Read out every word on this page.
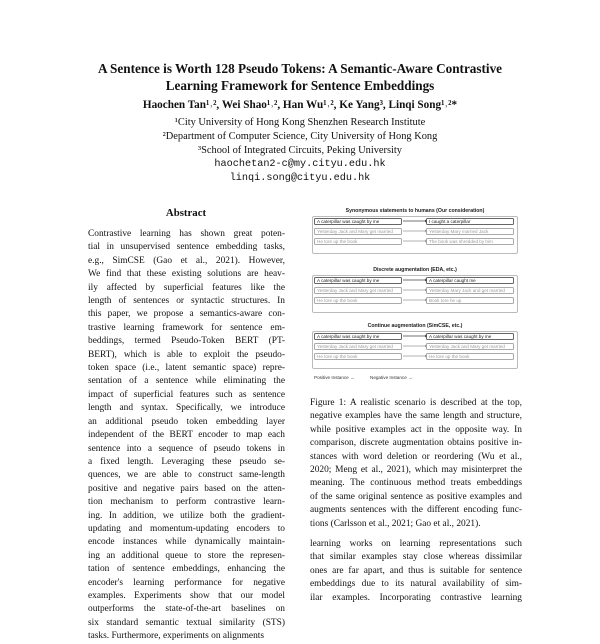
A Sentence is Worth 128 Pseudo Tokens: A Semantic-Aware Contrastive
Learning Framework for Sentence Embeddings
Haochen Tan¹˒², Wei Shao¹˒², Han Wu¹˒², Ke Yang³, Linqi Song¹˒²*
¹City University of Hong Kong Shenzhen Research Institute
²Department of Computer Science, City University of Hong Kong
³School of Integrated Circuits, Peking University
haochetan2-c@my.cityu.edu.hk
linqi.song@cityu.edu.hk
Abstract
Contrastive learning has shown great poten-
tial in unsupervised sentence embedding tasks,
e.g., SimCSE (Gao et al., 2021). However,
We find that these existing solutions are heav-
ily affected by superficial features like the
length of sentences or syntactic structures. In
this paper, we propose a semantics-aware con-
trastive learning framework for sentence em-
beddings, termed Pseudo-Token BERT (PT-
BERT), which is able to exploit the pseudo-
token space (i.e., latent semantic space) repre-
sentation of a sentence while eliminating the
impact of superficial features such as sentence
length and syntax. Specifically, we introduce
an additional pseudo token embedding layer
independent of the BERT encoder to map each
sentence into a sequence of pseudo tokens in
a fixed length. Leveraging these pseudo se-
quences, we are able to construct same-length
positive and negative pairs based on the atten-
tion mechanism to perform contrastive learn-
ing. In addition, we utilize both the gradient-
updating and momentum-updating encoders to
encode instances while dynamically maintain-
ing an additional queue to store the represen-
tation of sentence embeddings, enhancing the
encoder's learning performance for negative
examples. Experiments show that our model
outperforms the state-of-the-art baselines on
six standard semantic textual similarity (STS)
tasks. Furthermore, experiments on alignments
Synonymous statements to humans (Our consideration)
A caterpillar was caught by me	I caught a caterpillar
Yesterday Jack and Mary get married	Yesterday Mary married Jack
He tore up the book	The book was shredded by him
Discrete augmentation (EDA, etc.)
A caterpillar was caught by me	A caterpillar caught me
Yesterday Jack and Mary get married	Yesterday Mary Jack and get married
He tore up the book	Book tore he up
Continue augmentation (SimCSE, etc.)
A caterpillar was caught by me	A caterpillar was caught by me
Yesterday Jack and Mary get married	Yesterday Jack and Mary get married
He tore up the book	He tore up the book
Positive Instance →	Negative Instance →
Figure 1: A realistic scenario is described at the top,
negative examples have the same length and structure,
while positive examples act in the opposite way. In
comparison, discrete augmentation obtains positive in-
stances with word deletion or reordering (Wu et al.,
2020; Meng et al., 2021), which may misinterpret the
meaning. The continuous method treats embeddings
of the same original sentence as positive examples and
augments sentences with the different encoding func-
tions (Carlsson et al., 2021; Gao et al., 2021).
learning works on learning representations such
that similar examples stay close whereas dissimilar
ones are far apart, and thus is suitable for sentence
embeddings due to its natural availability of sim-
ilar examples. Incorporating contrastive learning
